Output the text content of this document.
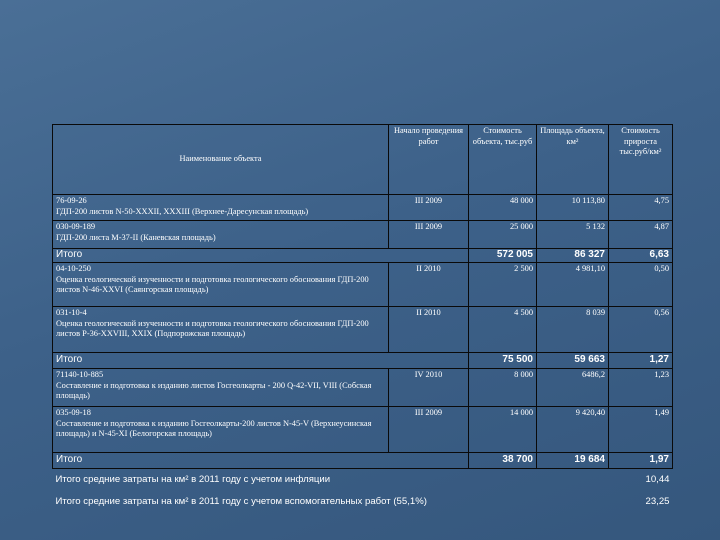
Наименование объекта	Начало проведения работ	Стоимость объекта, тыс.руб	Площадь объекта, км²	Стоимость прироста тыс.руб/км²

76-09-26
ГДП-200 листов N-50-XXXII, XXXIII (Верхнее-Даресунская площадь)	III 2009	48 000	10 113,80	4,75

030-09-189
ГДП-200 листа M-37-II (Каневская площадь)	III 2009	25 000	5 132	4,87
Итого		572 005	86 327	6,63

04-10-250
Оценка геологической изученности и подготовка геологического обоснования ГДП-200 листов N-46-XXVI (Саянгорская площадь)	II 2010	2 500	4 981,10	0,50

031-10-4
Оценка геологической изученности и подготовка геологического обоснования ГДП-200 листов P-36-XXVIII, XXIX (Подпорожская площадь)	II 2010	4 500	8 039	0,56
Итого		75 500	59 663	1,27

71140-10-885
Составление и подготовка к изданию листов Госгеолкарты - 200 Q-42-VII, VIII (Собская площадь)	IV 2010	8 000	6486,2	1,23

035-09-18
Составление и подготовка к изданию Госгеолкарты-200 листов N-45-V (Верхнеусинская площадь) и N-45-XI (Белогорская площадь)	III 2009	14 000	9 420,40	1,49
Итого		38 700	19 684	1,97
Итого средние затраты на км² в 2011 году с учетом инфляции				10,44
Итого средние затраты на км² в 2011 году с учетом вспомогательных работ (55,1%)				23,25
